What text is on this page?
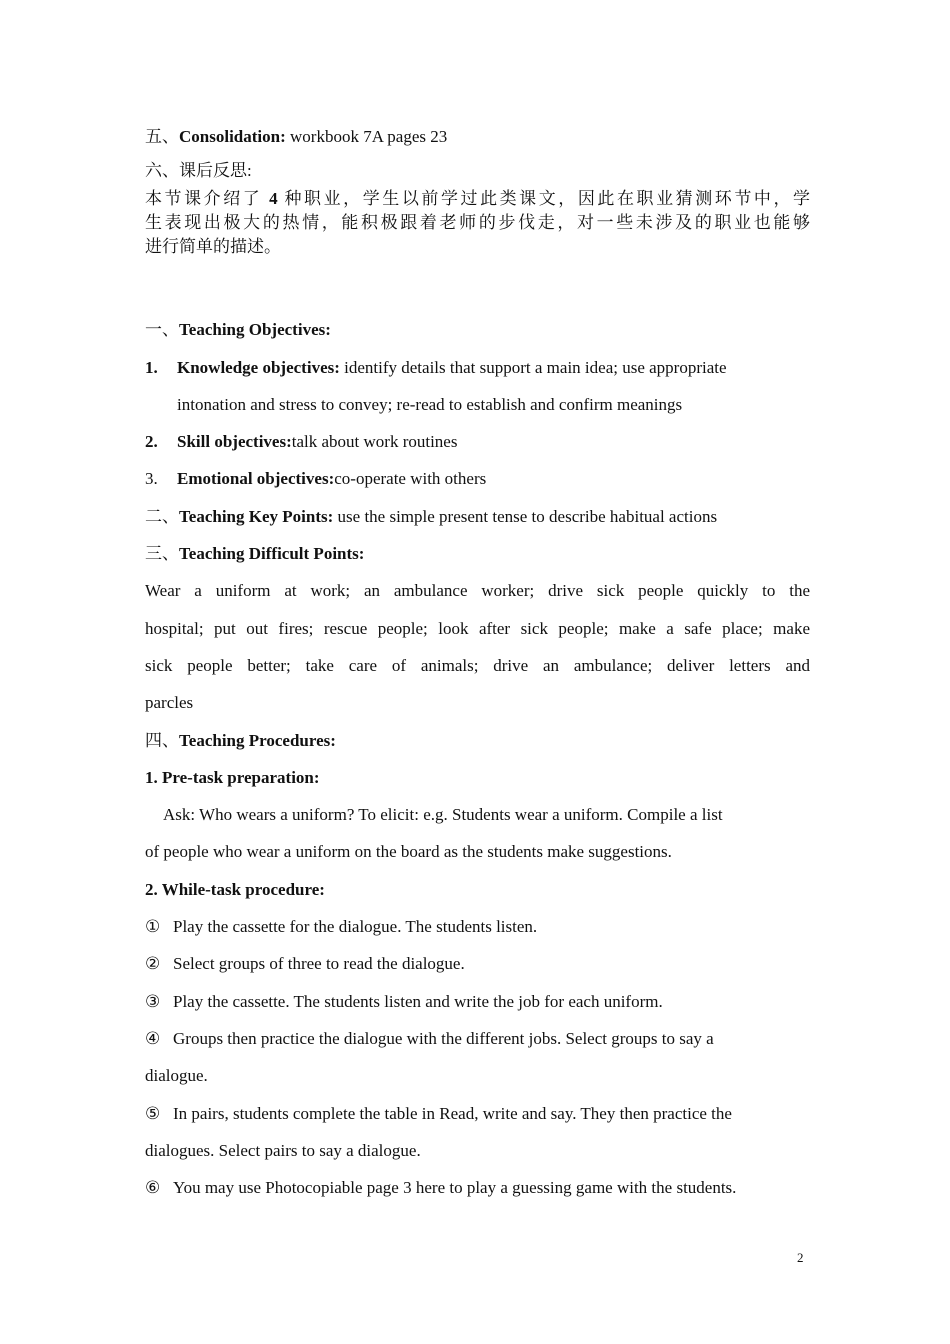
五、Consolidation: workbook 7A pages 23
六、课后反思:
本节课介绍了 4 种职业，学生以前学过此类课文，因此在职业猜测环节中，学
生表现出极大的热情，能积极跟着老师的步伐走，对一些未涉及的职业也能够
进行简单的描述。
一、Teaching Objectives:
1. Knowledge objectives: identify details that support a main idea; use appropriate
intonation and stress to convey; re-read to establish and confirm meanings
2. Skill objectives:talk about work routines
3. Emotional objectives:co-operate with others
二、Teaching Key Points: use the simple present tense to describe habitual actions
三、Teaching Difficult Points:
Wear a uniform at work; an ambulance worker; drive sick people quickly to the
hospital; put out fires; rescue people; look after sick people; make a safe place; make
sick people better; take care of animals; drive an ambulance; deliver letters and
parcles
四、Teaching Procedures:
1. Pre-task preparation:
Ask: Who wears a uniform? To elicit: e.g. Students wear a uniform. Compile a list
of people who wear a uniform on the board as the students make suggestions.
2. While-task procedure:
① Play the cassette for the dialogue. The students listen.
② Select groups of three to read the dialogue.
③ Play the cassette. The students listen and write the job for each uniform.
④ Groups then practice the dialogue with the different jobs. Select groups to say a
dialogue.
⑤ In pairs, students complete the table in Read, write and say. They then practice the
dialogues. Select pairs to say a dialogue.
⑥ You may use Photocopiable page 3 here to play a guessing game with the students.
2
